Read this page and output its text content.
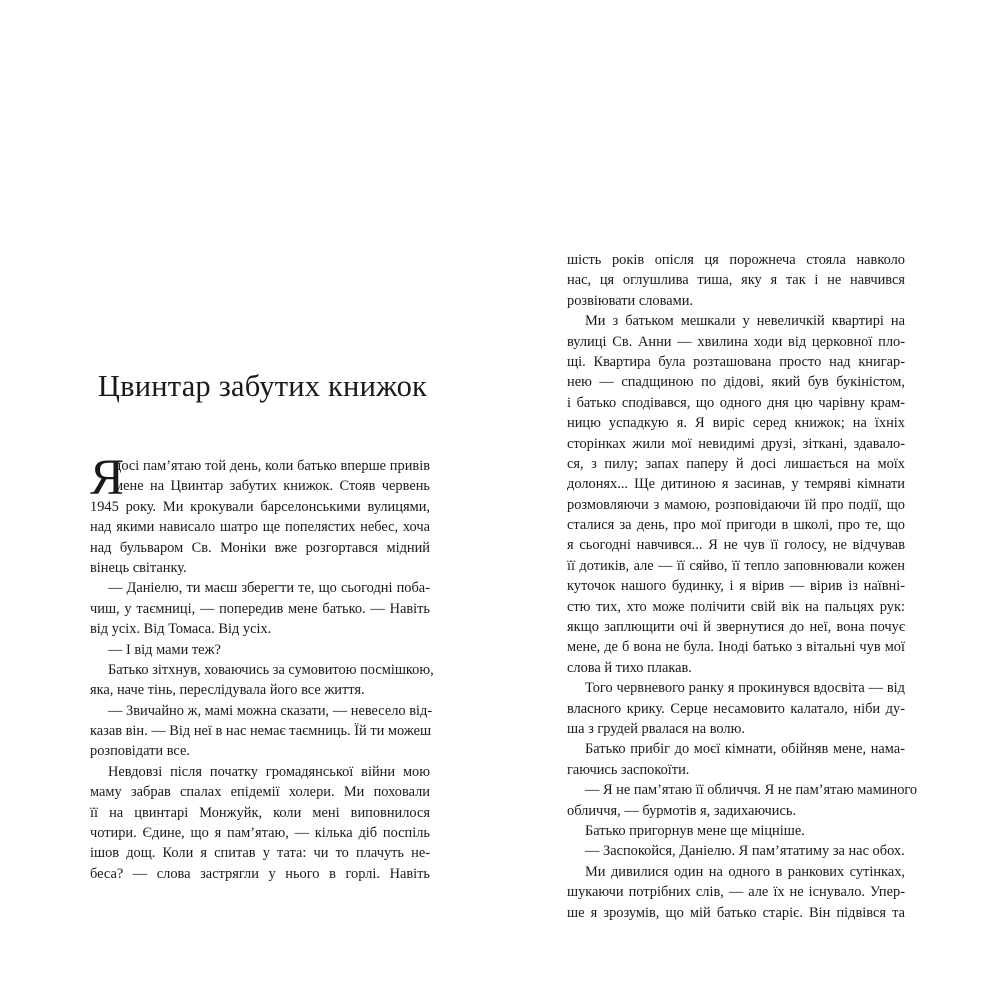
Цвинтар забутих книжок
Я
досі пам’ятаю той день, коли батько вперше привів
мене на Цвинтар забутих книжок. Стояв червень
1945 року. Ми крокували барселонськими вулицями,
над якими нависало шатро ще попелястих небес, хоча
над бульваром Св. Моніки вже розгортався мідний
вінець світанку.
— Даніелю, ти маєш зберегти те, що сьогодні поба-
чиш, у таємниці, — попередив мене батько. — Навіть
від усіх. Від Томаса. Від усіх.
— І від мами теж?
Батько зітхнув, ховаючись за сумовитою посмішкою,
яка, наче тінь, переслідувала його все життя.
— Звичайно ж, мамі можна сказати, — невесело від-
казав він. — Від неї в нас немає таємниць. Їй ти можеш
розповідати все.
Невдовзі після початку громадянської війни мою
маму забрав спалах епідемії холери. Ми поховали
її на цвинтарі Монжуйк, коли мені виповнилося
чотири. Єдине, що я пам’ятаю, — кілька діб поспіль
ішов дощ. Коли я спитав у тата: чи то плачуть не-
беса? — слова застрягли у нього в горлі. Навіть
шість років опісля ця порожнеча стояла навколо
нас, ця оглушлива тиша, яку я так і не навчився
розвіювати словами.
Ми з батьком мешкали у невеличкій квартирі на
вулиці Св. Анни — хвилина ходи від церковної пло-
щі. Квартира була розташована просто над книгар-
нею — спадщиною по дідові, який був букіністом,
і батько сподівався, що одного дня цю чарівну крам-
ницю успадкую я. Я виріс серед книжок; на їхніх
сторінках жили мої невидимі друзі, зіткані, здавало-
ся, з пилу; запах паперу й досі лишається на моїх
долонях... Ще дитиною я засинав, у темряві кімнати
розмовляючи з мамою, розповідаючи їй про події, що
сталися за день, про мої пригоди в школі, про те, що
я сьогодні навчився... Я не чув її голосу, не відчував
її дотиків, але — її сяйво, її тепло заповнювали кожен
куточок нашого будинку, і я вірив — вірив із наївні-
стю тих, хто може полічити свій вік на пальцях рук:
якщо заплющити очі й звернутися до неї, вона почує
мене, де б вона не була. Іноді батько з вітальні чув мої
слова й тихо плакав.
Того червневого ранку я прокинувся вдосвіта — від
власного крику. Серце несамовито калатало, ніби ду-
ша з грудей рвалася на волю.
Батько прибіг до моєї кімнати, обійняв мене, нама-
гаючись заспокоїти.
— Я не пам’ятаю її обличчя. Я не пам’ятаю маминого
обличчя, — бурмотів я, задихаючись.
Батько пригорнув мене ще міцніше.
— Заспокойся, Даніелю. Я пам’ятатиму за нас обох.
Ми дивилися один на одного в ранкових сутінках,
шукаючи потрібних слів, — але їх не існувало. Упер-
ше я зрозумів, що мій батько старіє. Він підвівся та
